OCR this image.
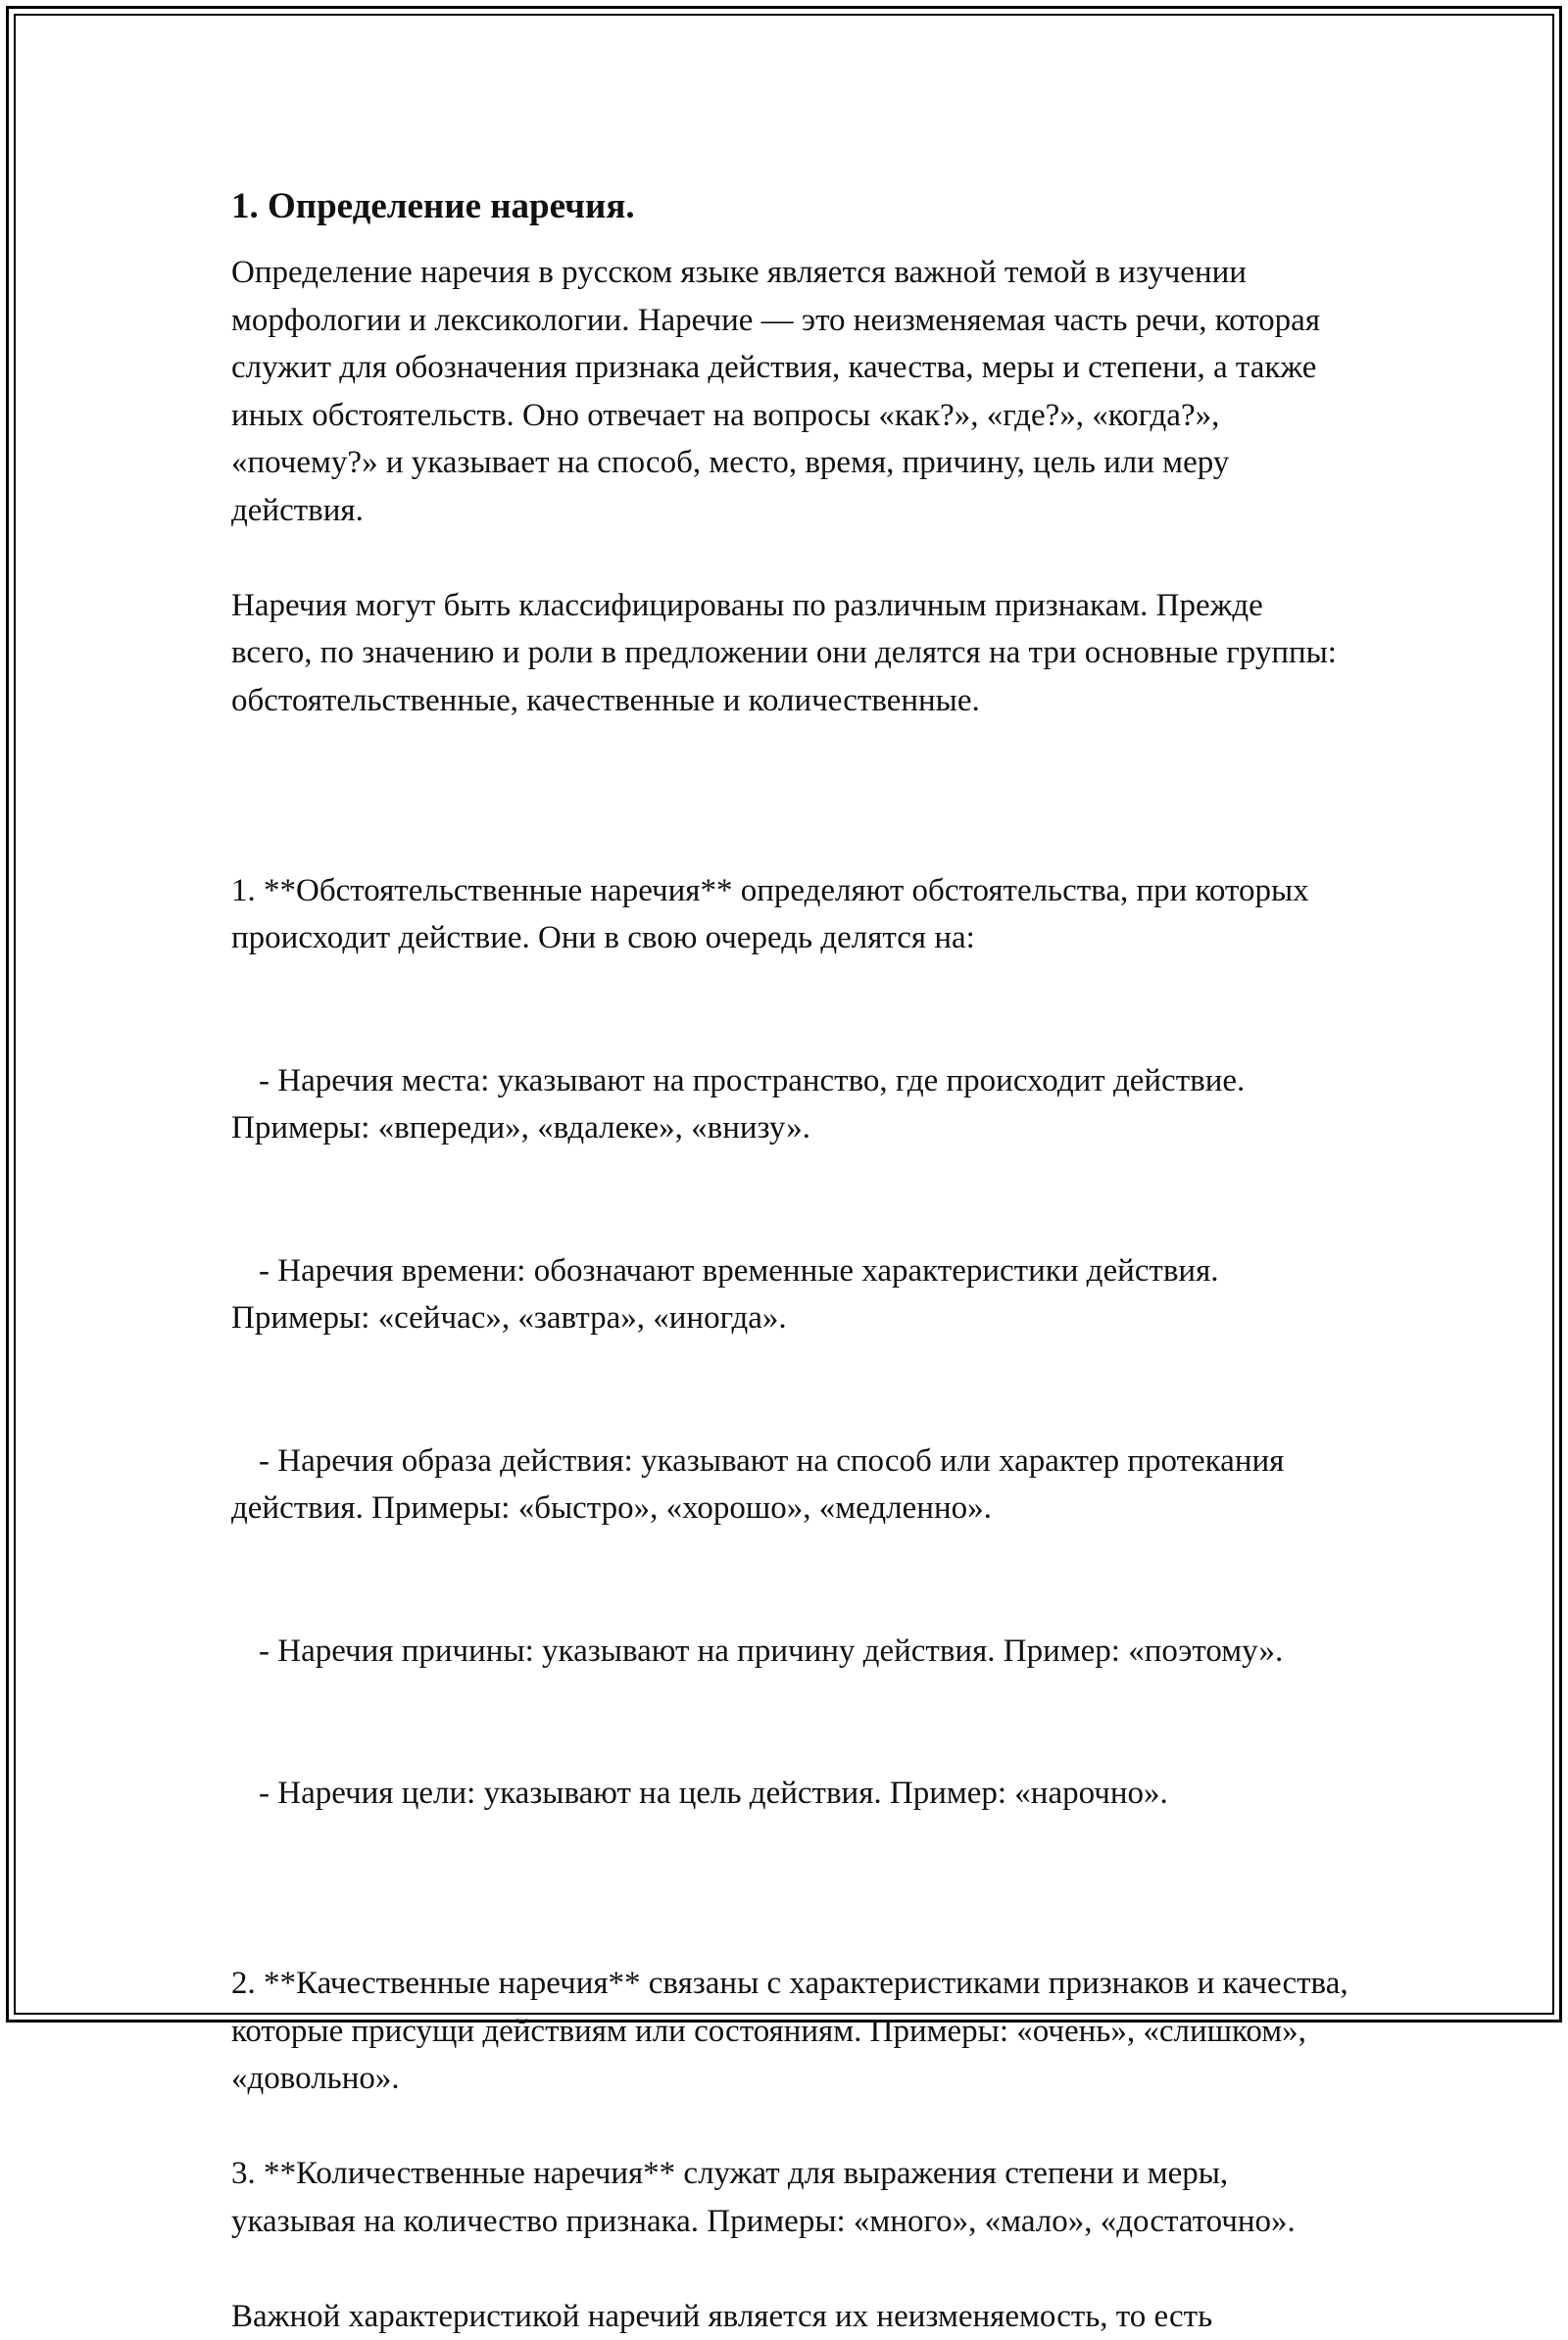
1. Определение наречия.

Определение наречия в русском языке является важной темой в изучении морфологии и лексикологии. Наречие — это неизменяемая часть речи, которая служит для обозначения признака действия, качества, меры и степени, а также иных обстоятельств. Оно отвечает на вопросы «как?», «где?», «когда?», «почему?» и указывает на способ, место, время, причину, цель или меру действия.

Наречия могут быть классифицированы по различным признакам. Прежде всего, по значению и роли в предложении они делятся на три основные группы: обстоятельственные, качественные и количественные.

1. **Обстоятельственные наречия** определяют обстоятельства, при которых происходит действие. Они в свою очередь делятся на:

- Наречия места: указывают на пространство, где происходит действие. Примеры: «впереди», «вдалеке», «внизу».

- Наречия времени: обозначают временные характеристики действия. Примеры: «сейчас», «завтра», «иногда».

- Наречия образа действия: указывают на способ или характер протекания действия. Примеры: «быстро», «хорошо», «медленно».

- Наречия причины: указывают на причину действия. Пример: «поэтому».

- Наречия цели: указывают на цель действия. Пример: «нарочно».

2. **Качественные наречия** связаны с характеристиками признаков и качества, которые присущи действиям или состояниям. Примеры: «очень», «слишком», «довольно».

3. **Количественные наречия** служат для выражения степени и меры, указывая на количество признака. Примеры: «много», «мало», «достаточно».

Важной характеристикой наречий является их неизменяемость, то есть
